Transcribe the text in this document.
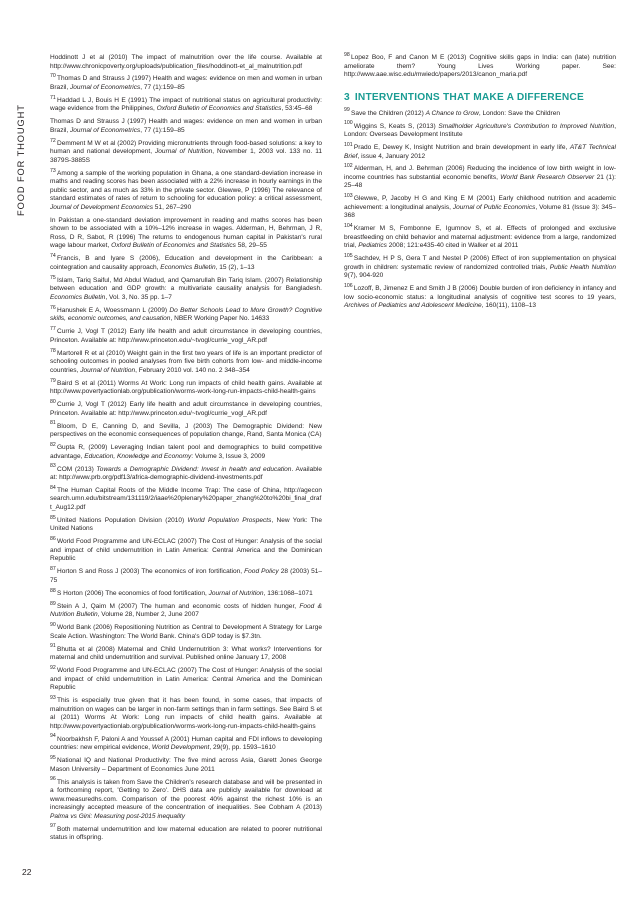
FOOD FOR THOUGHT

Hoddinott J et al (2010) The impact of malnutrition over the life course. Available at http://www.chronicpoverty.org/uploads/publication_files/hoddinott-et_al_malnutrition.pdf

$^{70}$Thomas D and Strauss J (1997) Health and wages: evidence on men and women in urban Brazil, Journal of Econometrics, 77 (1):159–85

$^{71}$Haddad L J, Bouis H E (1991) The impact of nutritional status on agricultural productivity: wage evidence from the Philippines, Oxford Bulletin of Economics and Statistics, 53:45–68

Thomas D and Strauss J (1997) Health and wages: evidence on men and women in urban Brazil, Journal of Econometrics, 77 (1):159–85

$^{72}$Demment M W et al (2002) Providing micronutrients through food-based solutions: a key to human and national development, Journal of Nutrition, November 1, 2003 vol. 133 no. 11 3879S-3885S

$^{73}$Among a sample of the working population in Ghana, a one standard-deviation increase in maths and reading scores has been associated with a 22% increase in hourly earnings in the public sector, and as much as 33% in the private sector. Glewwe, P (1996) The relevance of standard estimates of rates of return to schooling for education policy: a critical assessment, Journal of Development Economics 51, 267–290

In Pakistan a one-standard deviation improvement in reading and maths scores has been shown to be associated with a 10%–12% increase in wages. Alderman, H, Behrman, J R, Ross, D R, Sabot, R (1996) The returns to endogenous human capital in Pakistan's rural wage labour market, Oxford Bulletin of Economics and Statistics 58, 29–55

$^{74}$Francis, B and Iyare S (2006), Education and development in the Caribbean: a cointegration and causality approach, Economics Bulletin, 15 (2), 1–13

$^{75}$Islam, Tariq Saiful, Md Abdul Wadud, and Qamarullah Bin Tariq Islam. (2007) Relationship between education and GDP growth: a multivariate causality analysis for Bangladesh. Economics Bulletin, Vol. 3, No. 35 pp. 1–7

$^{76}$Hanushek E A, Woessmann L (2009) Do Better Schools Lead to More Growth? Cognitive skills, economic outcomes, and causation, NBER Working Paper No. 14633

$^{77}$Currie J, Vogl T (2012) Early life health and adult circumstance in developing countries, Princeton. Available at: http://www.princeton.edu/~tvogl/currie_vogl_AR.pdf

$^{78}$Martorell R et al (2010) Weight gain in the first two years of life is an important predictor of schooling outcomes in pooled analyses from five birth cohorts from low- and middle-income countries, Journal of Nutrition, February 2010 vol. 140 no. 2 348–354

$^{79}$Baird S et al (2011) Worms At Work: Long run impacts of child health gains. Available at http://www.povertyactionlab.org/publication/worms-work-long-run-impacts-child-health-gains

$^{80}$Currie J, Vogl T (2012) Early life health and adult circumstance in developing countries, Princeton. Available at: http://www.princeton.edu/~tvogl/currie_vogl_AR.pdf

$^{81}$Bloom, D E, Canning D, and Sevilla, J (2003) The Demographic Dividend: New perspectives on the economic consequences of population change, Rand, Santa Monica (CA)

$^{82}$Gupta R, (2009) Leveraging Indian talent pool and demographics to build competitive advantage, Education, Knowledge and Economy: Volume 3, Issue 3, 2009

$^{83}$COM (2013) Towards a Demographic Dividend: Invest in health and education. Available at: http://www.prb.org/pdf13/africa-demographic-dividend-investments.pdf

$^{84}$The Human Capital Roots of the Middle Income Trap: The case of China, http://agecon search.umn.edu/bitstream/131119/2/iaae%20plenary%20paper_zhang%20to%20bi_final_draft_Aug12.pdf

$^{85}$United Nations Population Division (2010) World Population Prospects, New York: The United Nations

$^{86}$World Food Programme and UN-ECLAC (2007) The Cost of Hunger: Analysis of the social and impact of child undernutrition in Latin America: Central America and the Dominican Republic

$^{87}$Horton S and Ross J (2003) The economics of iron fortification, Food Policy 28 (2003) 51–75

$^{88}$S Horton (2006) The economics of food fortification, Journal of Nutrition, 136:1068–1071

$^{89}$Stein A J, Qaim M (2007) The human and economic costs of hidden hunger, Food & Nutrition Bulletin, Volume 28, Number 2, June 2007

$^{90}$World Bank (2006) Repositioning Nutrition as Central to Development A Strategy for Large Scale Action. Washington: The World Bank. China's GDP today is $7.3tn.

$^{91}$Bhutta et al (2008) Maternal and Child Undernutrition 3: What works? Interventions for maternal and child undernutrition and survival. Published online January 17, 2008

$^{92}$World Food Programme and UN-ECLAC (2007) The Cost of Hunger: Analysis of the social and impact of child undernutrition in Latin America: Central America and the Dominican Republic

$^{93}$This is especially true given that it has been found, in some cases, that impacts of malnutrition on wages can be larger in non-farm settings than in farm settings. See Baird S et al (2011) Worms At Work: Long run impacts of child health gains. Available at http://www.povertyactionlab.org/publication/worms-work-long-run-impacts-child-health-gains

$^{94}$Noorbakhsh F, Paloni A and Youssef A (2001) Human capital and FDI inflows to developing countries: new empirical evidence, World Development, 29(9), pp. 1593–1610

$^{95}$National IQ and National Productivity: The five mind across Asia, Garett Jones George Mason University – Department of Economics June 2011

$^{96}$This analysis is taken from Save the Children's research database and will be presented in a forthcoming report, 'Getting to Zero'. DHS data are publicly available for download at www.measuredhs.com. Comparison of the poorest 40% against the richest 10% is an increasingly accepted measure of the concentration of inequalities. See Cobham A (2013) Palma vs Gini: Measuring post-2015 inequality

$^{97}$Both maternal undernutrition and low maternal education are related to poorer nutritional status in offspring.

$^{98}$Lopez Boo, F and Canon M E (2013) Cognitive skills gaps in India: can (late) nutrition ameliorate them? Young Lives Working paper. See: http://www.aae.wisc.edu/mwiedc/papers/2013/canon_maria.pdf

3 INTERVENTIONS THAT MAKE A DIFFERENCE

$^{99}$Save the Children (2012) A Chance to Grow, London: Save the Children

$^{100}$Wiggins S, Keats S, (2013) Smallholder Agriculture's Contribution to Improved Nutrition, London: Overseas Development Institute

$^{101}$Prado E, Dewey K, Insight Nutrition and brain development in early life, AT&T Technical Brief, issue 4, January 2012

$^{102}$Alderman, H, and J. Behrman (2006) Reducing the incidence of low birth weight in low-income countries has substantial economic benefits, World Bank Research Observer 21 (1): 25–48

$^{103}$Glewwe, P, Jacoby H G and King E M (2001) Early childhood nutrition and academic achievement: a longitudinal analysis, Journal of Public Economics, Volume 81 (Issue 3): 345–368

$^{104}$Kramer M S, Fombonne E, Igumnov S, et al. Effects of prolonged and exclusive breastfeeding on child behavior and maternal adjustment: evidence from a large, randomized trial, Pediatrics 2008; 121:e435-40 cited in Walker et al 2011

$^{105}$Sachdev, H P S, Gera T and Nestel P (2006) Effect of iron supplementation on physical growth in children: systematic review of randomized controlled trials, Public Health Nutrition 9(7), 904-920

$^{106}$Lozoff, B, Jimenez E and Smith J B (2006) Double burden of iron deficiency in infancy and low socio-economic status: a longitudinal analysis of cognitive test scores to 19 years, Archives of Pediatrics and Adolescent Medicine, 160(11), 1108–13

22
